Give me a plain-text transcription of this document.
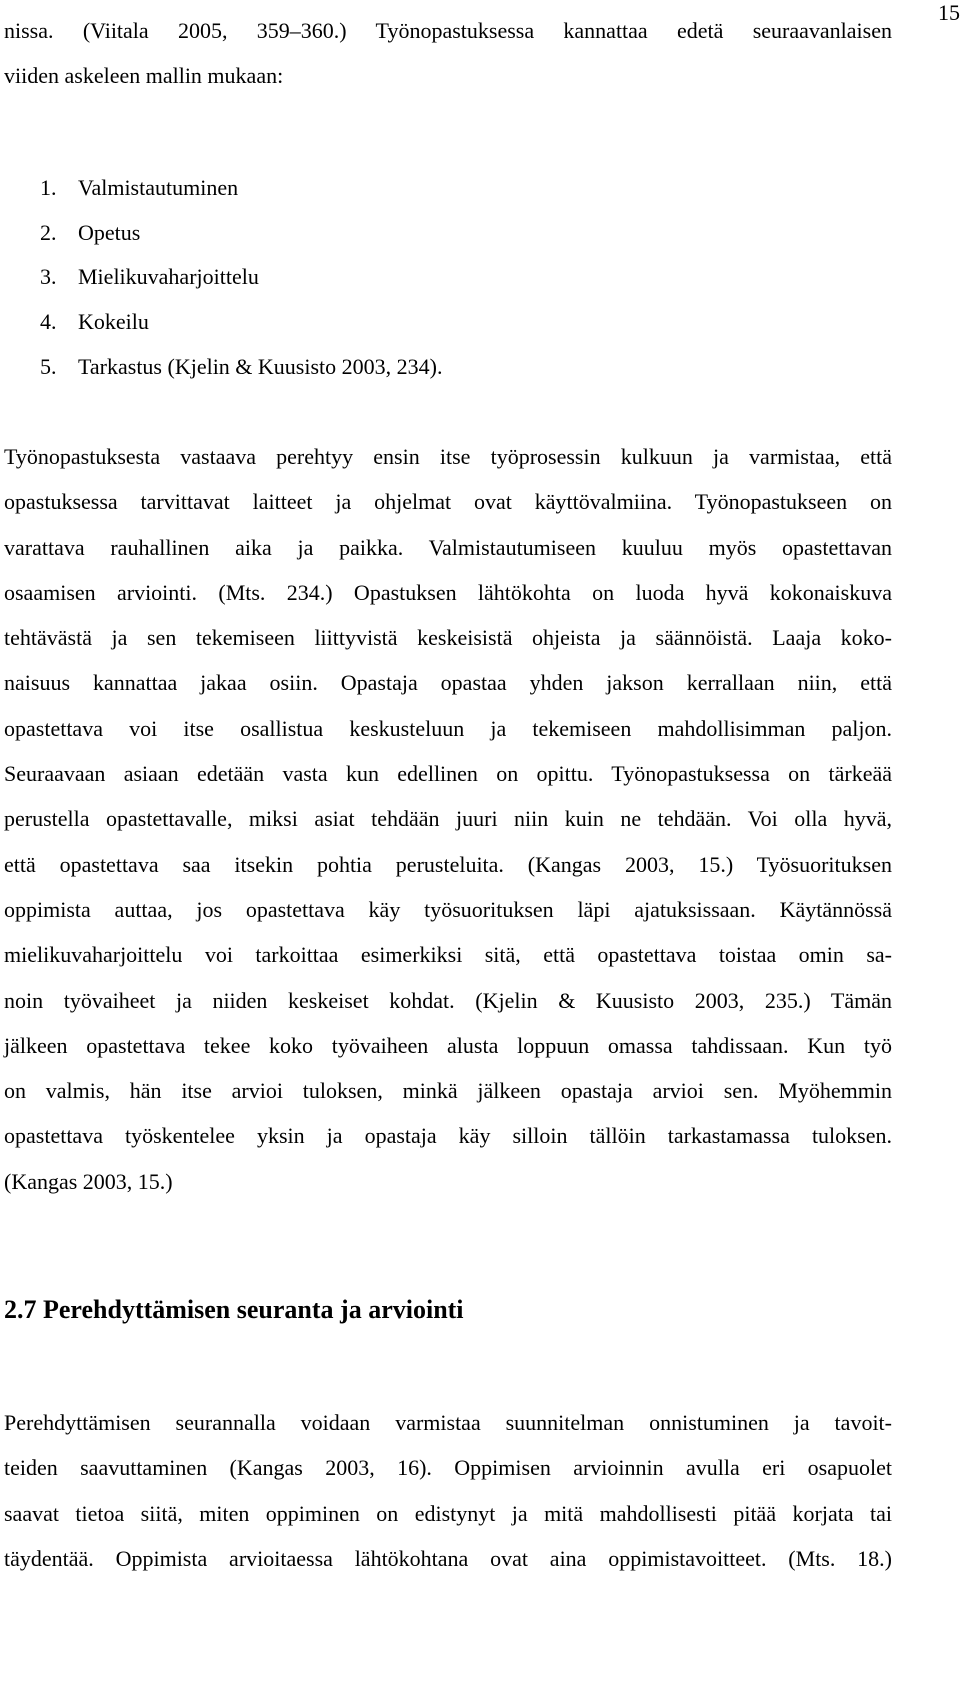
15
nissa. (Viitala 2005, 359–360.) Työnopastuksessa kannattaa edetä seuraavanlaisen
viiden askeleen mallin mukaan:
1. Valmistautuminen
2. Opetus
3. Mielikuvaharjoittelu
4. Kokeilu
5. Tarkastus (Kjelin & Kuusisto 2003, 234).
Työnopastuksesta vastaava perehtyy ensin itse työprosessin kulkuun ja varmistaa, että
opastuksessa tarvittavat laitteet ja ohjelmat ovat käyttövalmiina. Työnopastukseen on
varattava rauhallinen aika ja paikka. Valmistautumiseen kuuluu myös opastettavan
osaamisen arviointi. (Mts. 234.) Opastuksen lähtökohta on luoda hyvä kokonaiskuva
tehtävästä ja sen tekemiseen liittyvistä keskeisistä ohjeista ja säännöistä. Laaja koko-
naisuus kannattaa jakaa osiin. Opastaja opastaa yhden jakson kerrallaan niin, että
opastettava voi itse osallistua keskusteluun ja tekemiseen mahdollisimman paljon.
Seuraavaan asiaan edetään vasta kun edellinen on opittu. Työnopastuksessa on tärkeää
perustella opastettavalle, miksi asiat tehdään juuri niin kuin ne tehdään. Voi olla hyvä,
että opastettava saa itsekin pohtia perusteluita. (Kangas 2003, 15.) Työsuorituksen
oppimista auttaa, jos opastettava käy työsuorituksen läpi ajatuksissaan. Käytännössä
mielikuvaharjoittelu voi tarkoittaa esimerkiksi sitä, että opastettava toistaa omin sa-
noin työvaiheet ja niiden keskeiset kohdat. (Kjelin & Kuusisto 2003, 235.) Tämän
jälkeen opastettava tekee koko työvaiheen alusta loppuun omassa tahdissaan. Kun työ
on valmis, hän itse arvioi tuloksen, minkä jälkeen opastaja arvioi sen. Myöhemmin
opastettava työskentelee yksin ja opastaja käy silloin tällöin tarkastamassa tuloksen.
(Kangas 2003, 15.)
2.7 Perehdyttämisen seuranta ja arviointi
Perehdyttämisen seurannalla voidaan varmistaa suunnitelman onnistuminen ja tavoit-
teiden saavuttaminen (Kangas 2003, 16). Oppimisen arvioinnin avulla eri osapuolet
saavat tietoa siitä, miten oppiminen on edistynyt ja mitä mahdollisesti pitää korjata tai
täydentää. Oppimista arvioitaessa lähtökohtana ovat aina oppimistavoitteet. (Mts. 18.)
